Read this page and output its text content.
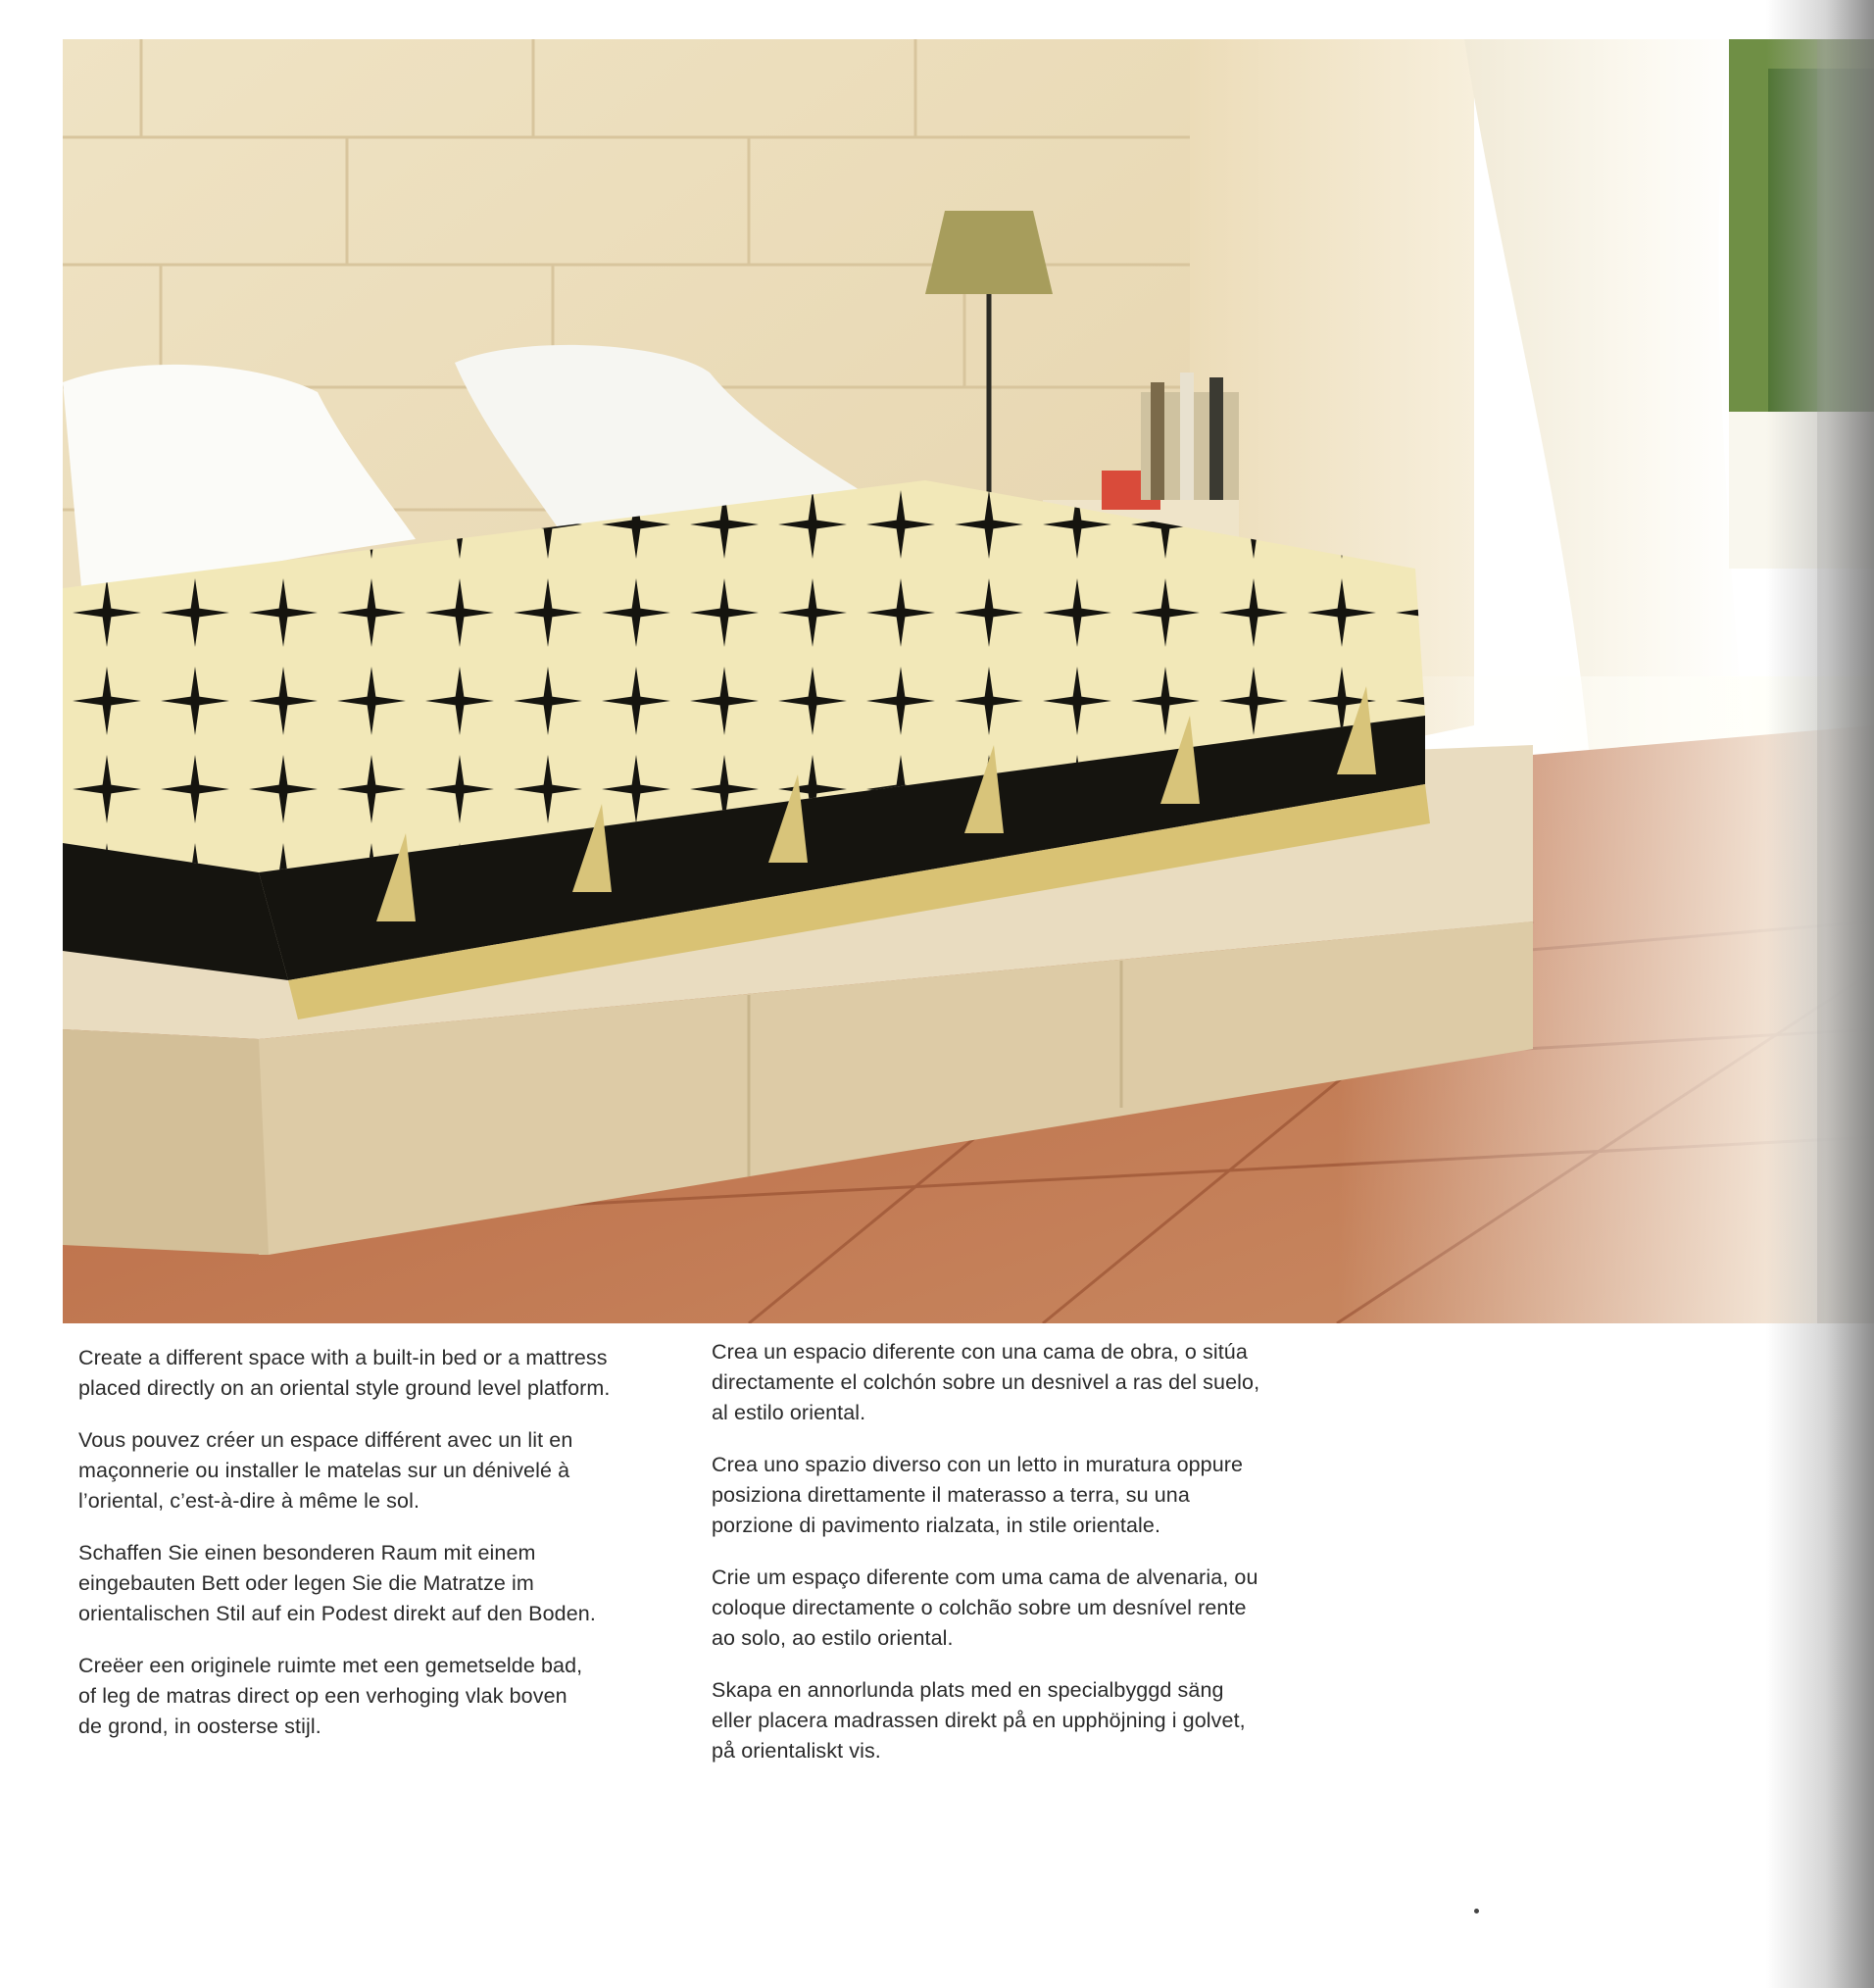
Create a different space with a built-in bed or a mattress
placed directly on an oriental style ground level platform.

Vous pouvez créer un espace différent avec un lit en
maçonnerie ou installer le matelas sur un dénivelé à
l’oriental, c’est-à-dire à même le sol.

Schaffen Sie einen besonderen Raum mit einem
eingebauten Bett oder legen Sie die Matratze im
orientalischen Stil auf ein Podest direkt auf den Boden.

Creëer een originele ruimte met een gemetselde bad,
of leg de matras direct op een verhoging vlak boven
de grond, in oosterse stijl.

Crea un espacio diferente con una cama de obra, o sitúa
directamente el colchón sobre un desnivel a ras del suelo,
al estilo oriental.

Crea uno spazio diverso con un letto in muratura oppure
posiziona direttamente il materasso a terra, su una
porzione di pavimento rialzata, in stile orientale.

Crie um espaço diferente com uma cama de alvenaria, ou
coloque directamente o colchão sobre um desnível rente
ao solo, ao estilo oriental.

Skapa en annorlunda plats med en specialbyggd säng
eller placera madrassen direkt på en upphöjning i golvet,
på orientaliskt vis.
